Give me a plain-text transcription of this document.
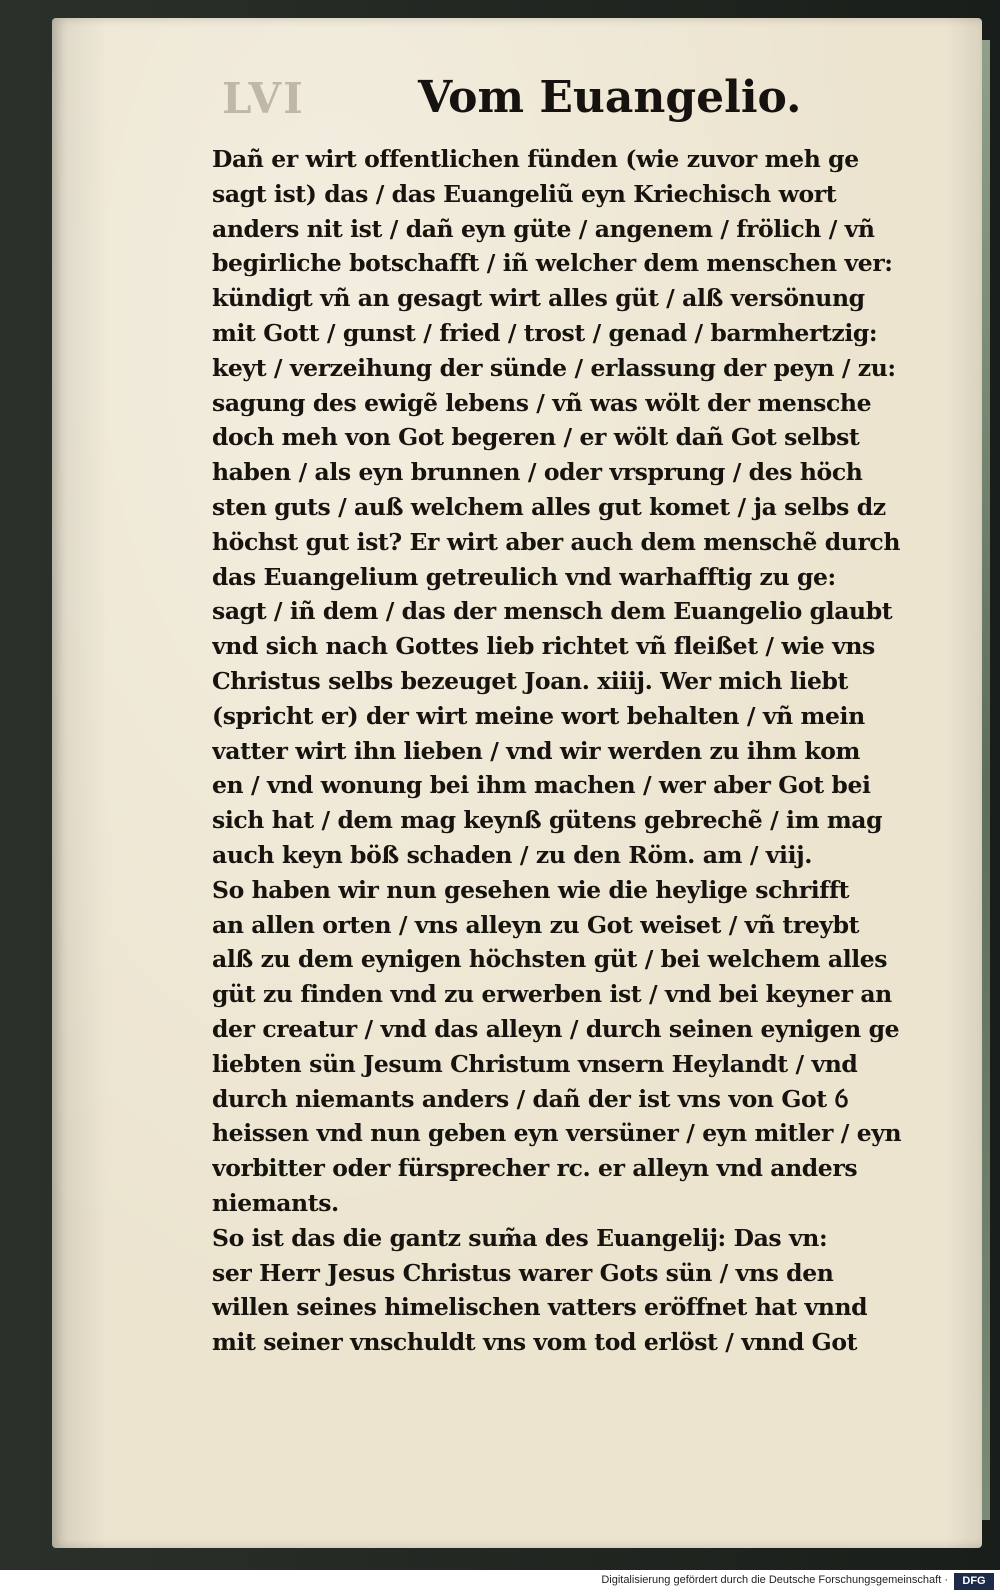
LVI	Vom Euangelio.
Dañ er wirt offentlichen fünden (wie zuvor meh ge
sagt ist) das / das Euangeliũ eyn Kriechisch wort
anders nit ist / dañ eyn güte / angenem / frölich / vñ
begirliche botschafft / iñ welcher dem menschen ver:
kündigt vñ an gesagt wirt alles güt / alß versönung
mit Gott / gunst / fried / trost / genad / barmhertzig:
keyt / verzeihung der sünde / erlassung der peyn / zu:
sagung des ewigẽ lebens / vñ was wölt der mensche
doch meh von Got begeren / er wölt dañ Got selbst
haben / als eyn brunnen / oder vrsprung / des höch
sten guts / auß welchem alles gut komet / ja selbs dz
höchst gut ist? Er wirt aber auch dem menschẽ durch
das Euangelium getreulich vnd warhafftig zu ge:
sagt / iñ dem / das der mensch dem Euangelio glaubt
vnd sich nach Gottes lieb richtet vñ fleißet / wie vns
Christus selbs bezeuget Joan. xiiij. Wer mich liebt
(spricht er) der wirt meine wort behalten / vñ mein
vatter wirt ihn lieben / vnd wir werden zu ihm kom
en / vnd wonung bei ihm machen / wer aber Got bei
sich hat / dem mag keynß gütens gebrechẽ / im mag
auch keyn böß schaden / zu den Röm. am / viij.
So haben wir nun gesehen wie die heylige schrifft
an allen orten / vns alleyn zu Got weiset / vñ treybt
alß zu dem eynigen höchsten güt / bei welchem alles
güt zu finden vnd zu erwerben ist / vnd bei keyner an
der creatur / vnd das alleyn / durch seinen eynigen ge
liebten sün Jesum Christum vnsern Heylandt / vnd
durch niemants anders / dañ der ist vns von Got ỽ
heissen vnd nun geben eyn versüner / eyn mitler / eyn
vorbitter oder fürsprecher rc. er alleyn vnd anders
niemants.
So ist das die gantz sum̃a des Euangelij: Das vn:
ser Herr Jesus Christus warer Gots sün / vns den
willen seines himelischen vatters eröffnet hat vnnd
mit seiner vnschuldt vns vom tod erlöst / vnnd Got
Digitalisierung gefördert durch die Deutsche Forschungsgemeinschaft ·	DFG
